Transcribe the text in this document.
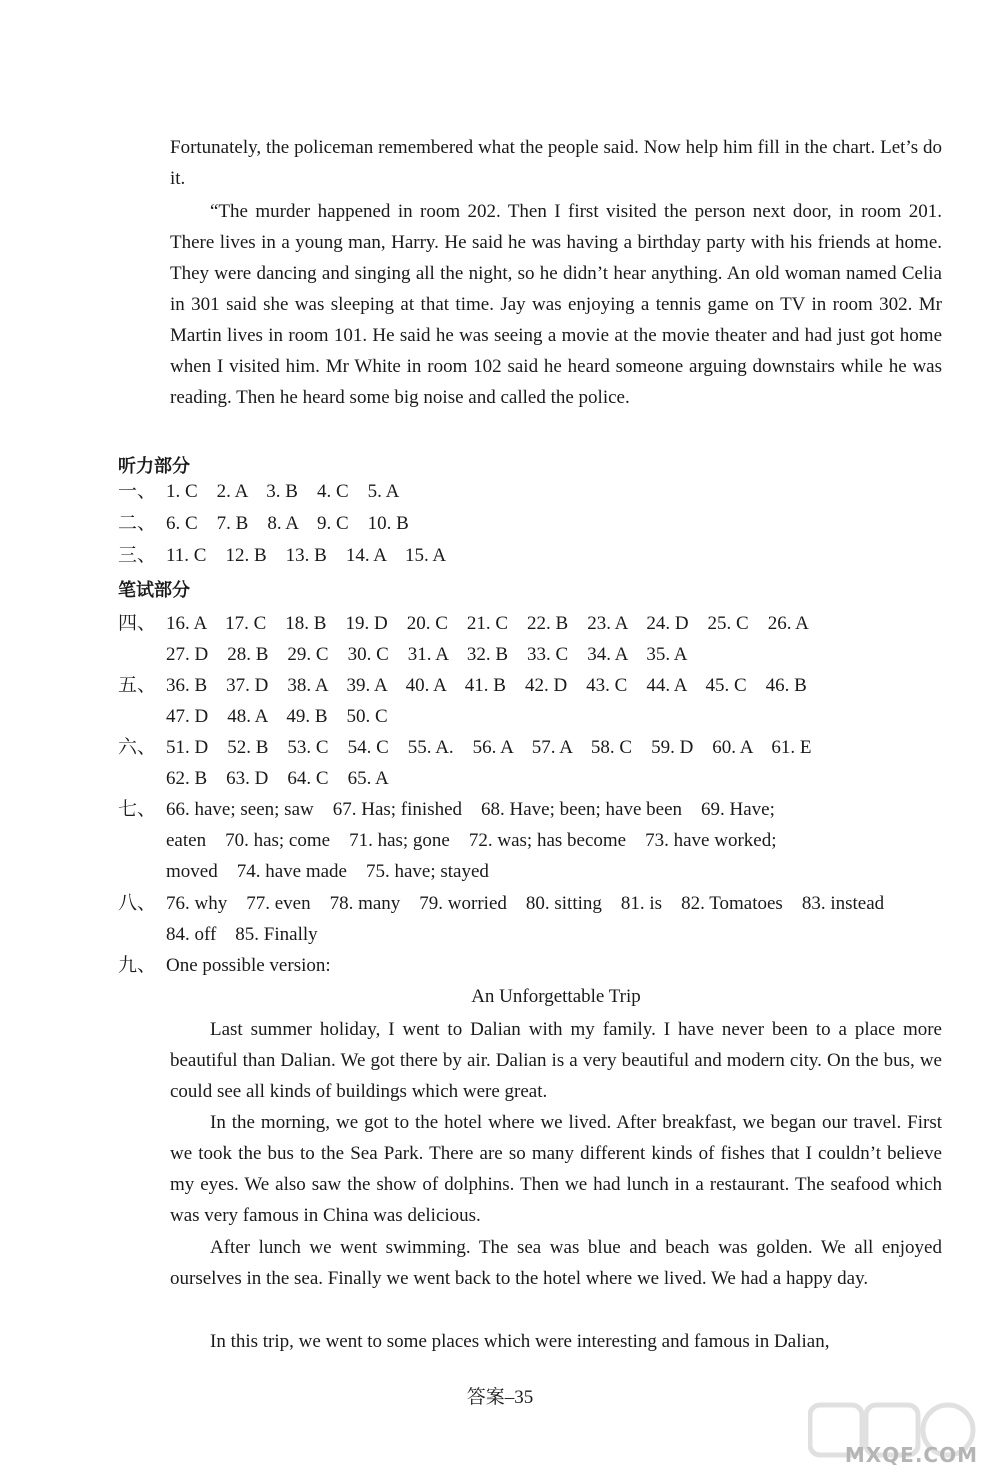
Fortunately, the policeman remembered what the people said. Now help him fill in the chart. Let’s do it.

“The murder happened in room 202. Then I first visited the person next door, in room 201. There lives in a young man, Harry. He said he was having a birthday party with his friends at home. They were dancing and singing all the night, so he didn’t hear anything. An old woman named Celia in 301 said she was sleeping at that time. Jay was enjoying a tennis game on TV in room 302. Mr Martin lives in room 101. He said he was seeing a movie at the movie theater and had just got home when I visited him. Mr White in room 102 said he heard someone arguing downstairs while he was reading. Then he heard some big noise and called the police.

听力部分

一、 1. C    2. A    3. B    4. C    5. A
二、 6. C    7. B    8. A    9. C    10. B
三、 11. C    12. B    13. B    14. A    15. A

笔试部分

四、 16. A    17. C    18. B    19. D    20. C    21. C    22. B    23. A    24. D    25. C    26. A
27. D    28. B    29. C    30. C    31. A    32. B    33. C    34. A    35. A
五、 36. B    37. D    38. A    39. A    40. A    41. B    42. D    43. C    44. A    45. C    46. B
47. D    48. A    49. B    50. C
六、 51. D    52. B    53. C    54. C    55. A.    56. A    57. A    58. C    59. D    60. A    61. E
62. B    63. D    64. C    65. A
七、 66. have; seen; saw    67. Has; finished    68. Have; been; have been    69. Have;
eaten    70. has; come    71. has; gone    72. was; has become    73. have worked;
moved    74. have made    75. have; stayed
八、 76. why    77. even    78. many    79. worried    80. sitting    81. is    82. Tomatoes    83. instead
84. off    85. Finally
九、 One possible version:

An Unforgettable Trip

Last summer holiday, I went to Dalian with my family. I have never been to a place more beautiful than Dalian. We got there by air. Dalian is a very beautiful and modern city. On the bus, we could see all kinds of buildings which were great.

In the morning, we got to the hotel where we lived. After breakfast, we began our travel. First we took the bus to the Sea Park. There are so many different kinds of fishes that I couldn’t believe my eyes. We also saw the show of dolphins. Then we had lunch in a restaurant. The seafood which was very famous in China was delicious.

After lunch we went swimming. The sea was blue and beach was golden. We all enjoyed ourselves in the sea. Finally we went back to the hotel where we lived. We had a happy day.

In this trip, we went to some places which were interesting and famous in Dalian,

答案–35

MXQE.COM
